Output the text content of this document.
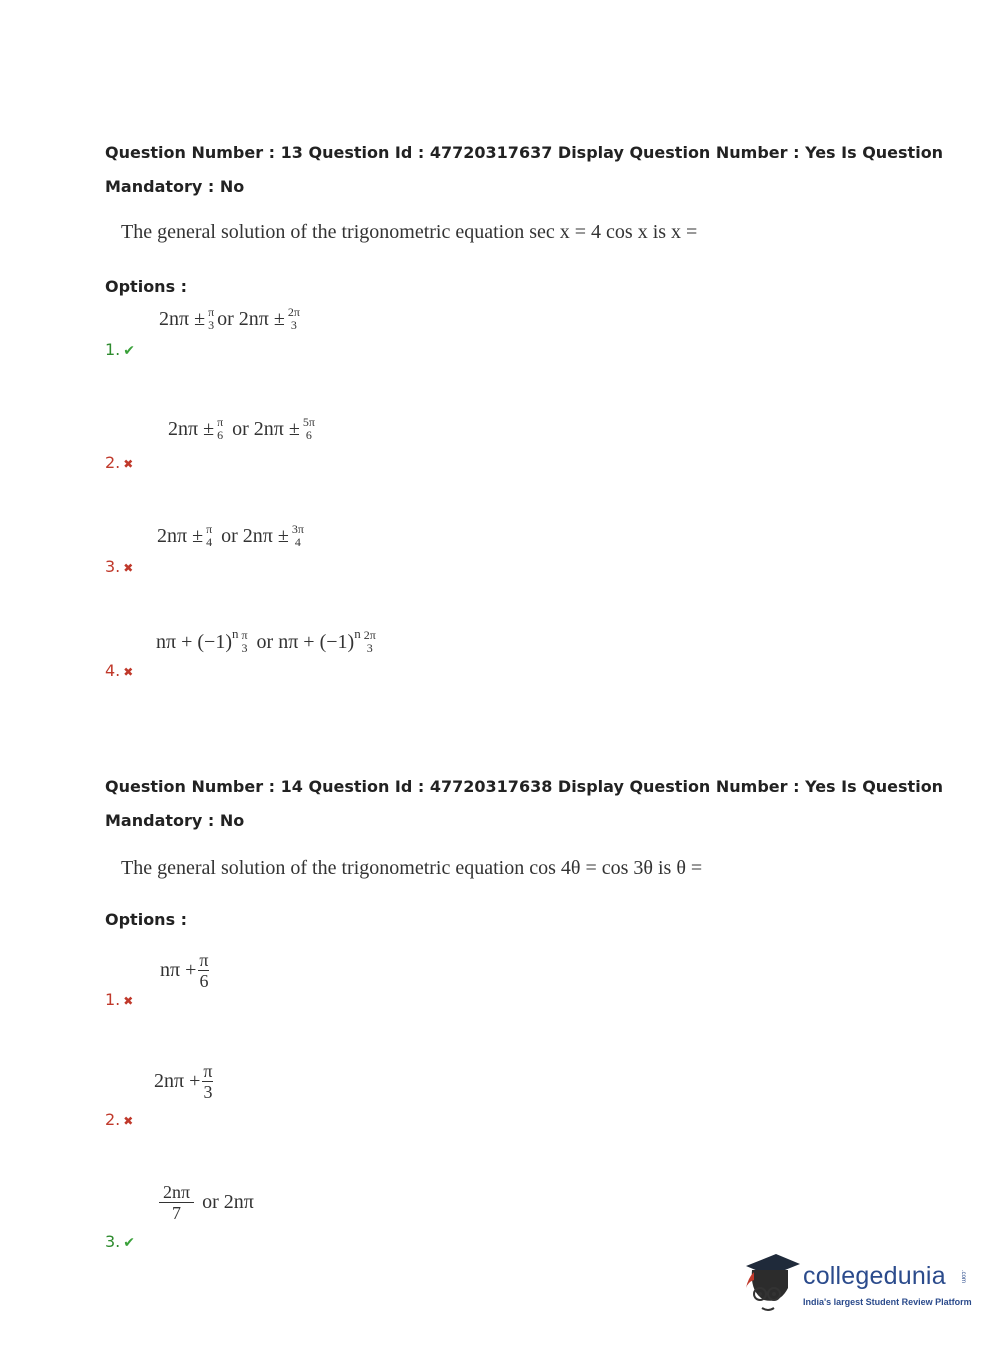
Question Number : 13 Question Id : 47720317637 Display Question Number : Yes Is Question
Mandatory : No
The general solution of the trigonometric equation sec x = 4 cos x is x =
Options :
2nπ ± π
3 or 2nπ ± 2π
3
1. ✔
2nπ ± π
6 or 2nπ ± 5π
6
2. ✖
2nπ ± π
4 or 2nπ ± 3π
4
3. ✖
nπ + (−1) n π
3 or nπ + (−1) n 2π
3
4. ✖
Question Number : 14 Question Id : 47720317638 Display Question Number : Yes Is Question
Mandatory : No
The general solution of the trigonometric equation cos 4θ = cos 3θ is θ =
Options :
$n\pi + \frac{\pi}{6}$
1. ✖
$2n\pi + \frac{\pi}{3}$
2. ✖
$\frac{2n\pi}{7}$ or 2nπ
3. ✔
collegedunia .com
India's largest Student Review Platform
